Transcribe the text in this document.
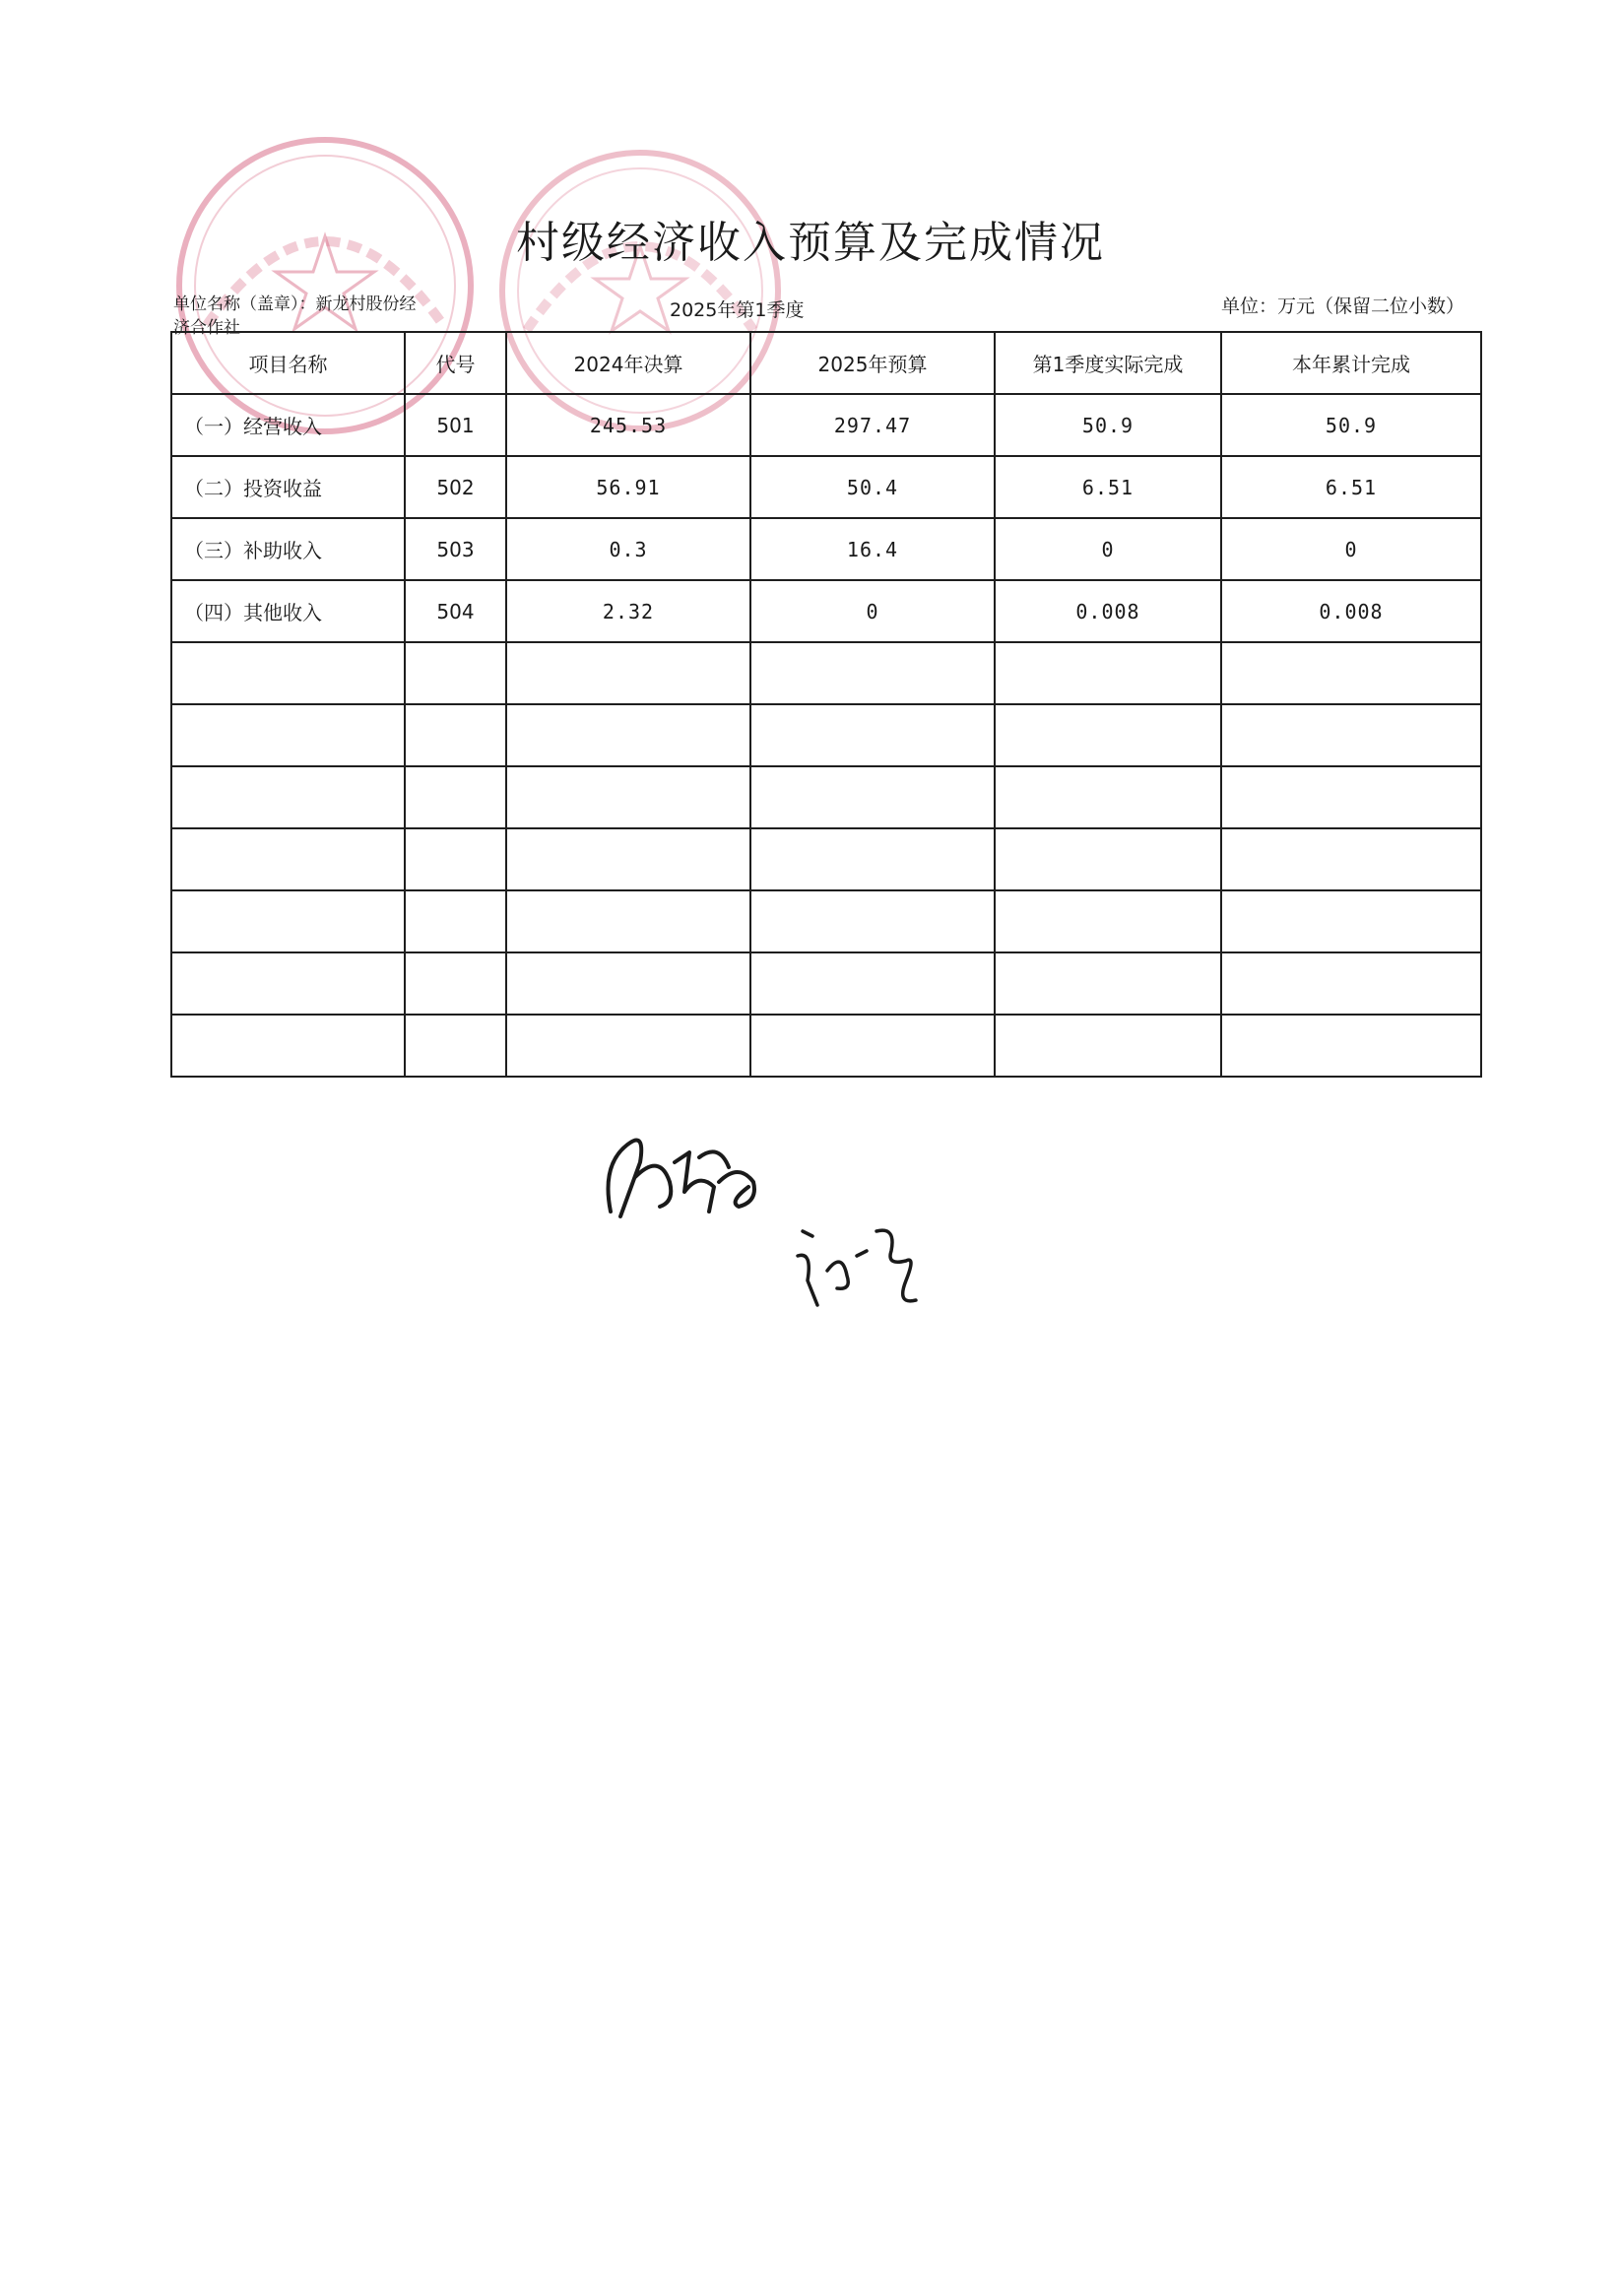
村级经济收入预算及完成情况
单位名称（盖章）：新龙村股份经济合作社
2025年第1季度	单位：万元（保留二位小数）
项目名称	代号	2024年决算	2025年预算	第1季度实际完成	本年累计完成
（一）经营收入	501	245.53	297.47	50.9	50.9
（二）投资收益	502	56.91	50.4	6.51	6.51
（三）补助收入	503	0.3	16.4	0	0
（四）其他收入	504	2.32	0	0.008	0.008
